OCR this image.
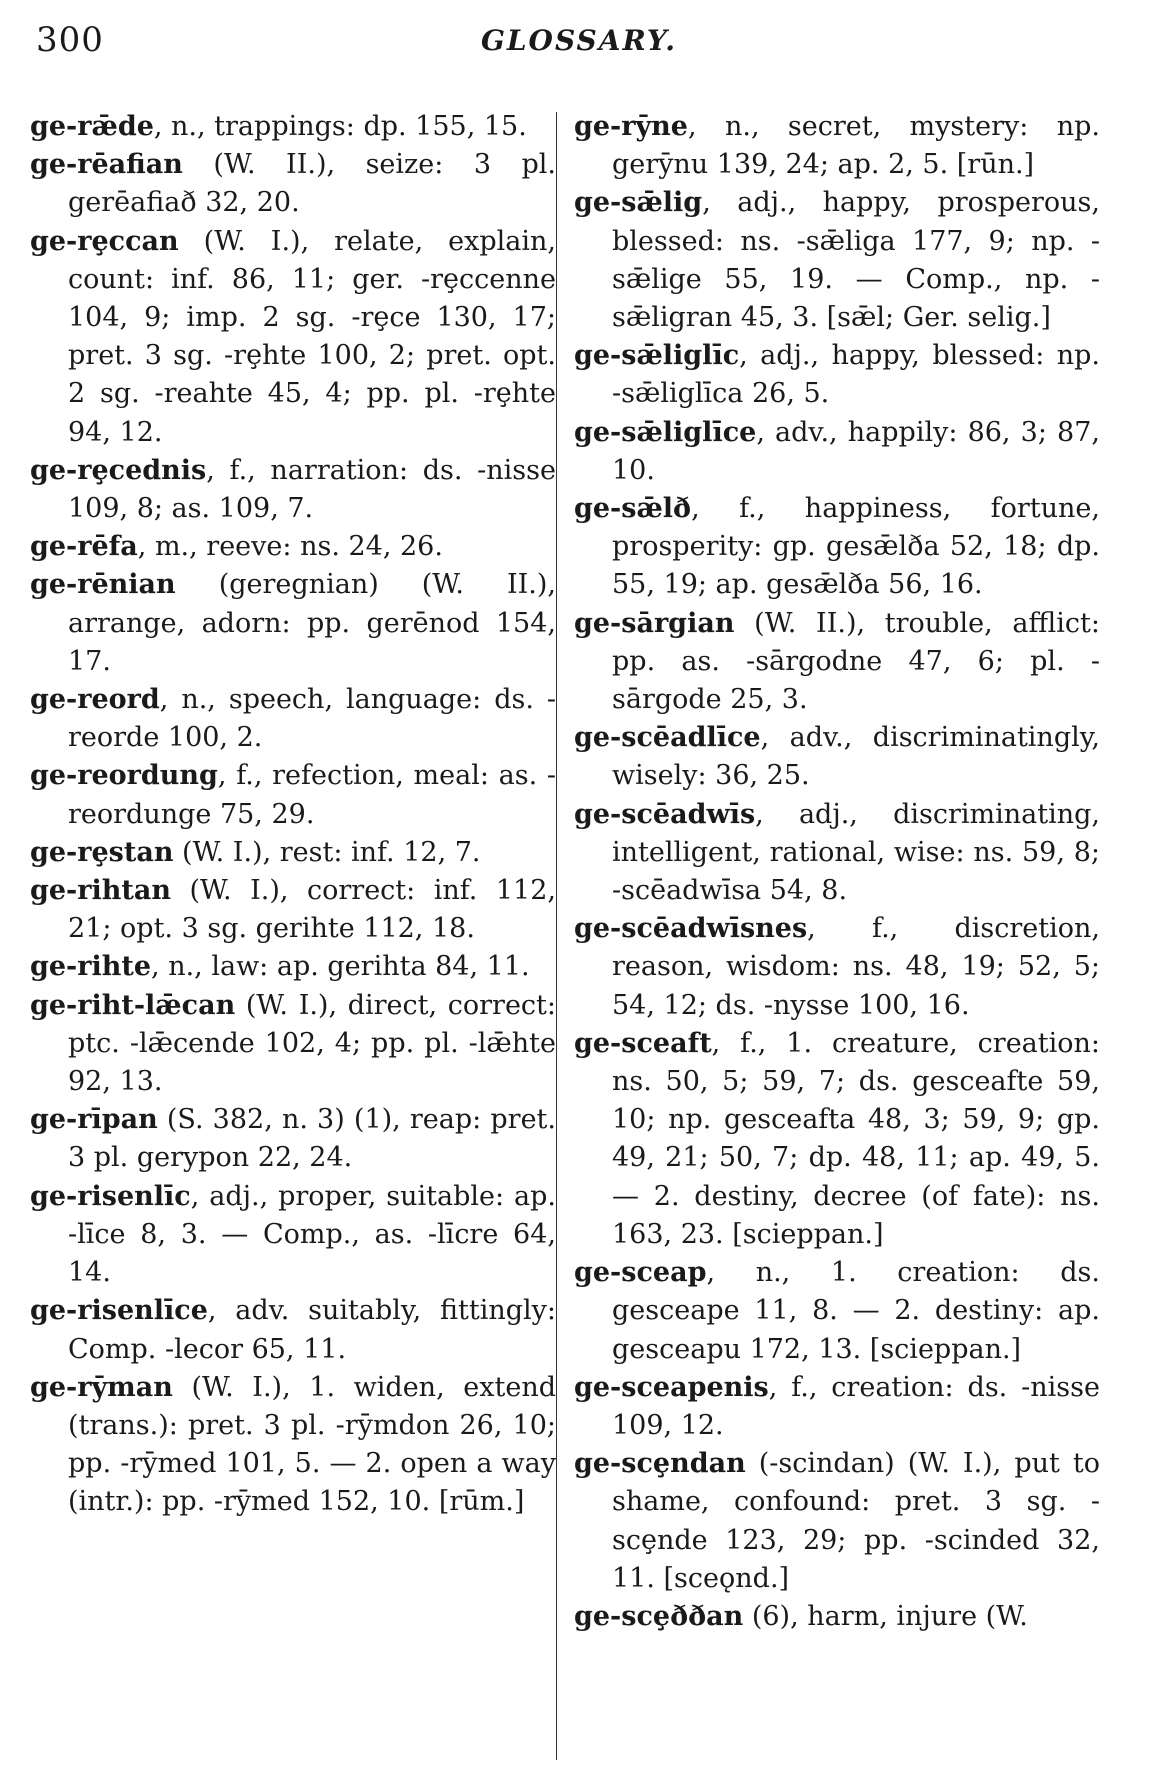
300	GLOSSARY.

ge-rǣde, n., trappings: dp. 155, 15.

ge-rēafian (W. II.), seize: 3 pl. gerēafiað 32, 20.

ge-rȩccan (W. I.), relate, explain, count: inf. 86, 11; ger. -rȩccenne 104, 9; imp. 2 sg. -rȩce 130, 17; pret. 3 sg. -rȩhte 100, 2; pret. opt. 2 sg. -reahte 45, 4; pp. pl. -rȩhte 94, 12.

ge-rȩcednis, f., narration: ds. -nisse 109, 8; as. 109, 7.

ge-rēfa, m., reeve: ns. 24, 26.

ge-rēnian (geregnian) (W. II.), arrange, adorn: pp. gerēnod 154, 17.

ge-reord, n., speech, language: ds. -reorde 100, 2.

ge-reordung, f., refection, meal: as. -reordunge 75, 29.

ge-rȩstan (W. I.), rest: inf. 12, 7.

ge-rihtan (W. I.), correct: inf. 112, 21; opt. 3 sg. gerihte 112, 18.

ge-rihte, n., law: ap. gerihta 84, 11.

ge-riht-lǣcan (W. I.), direct, correct: ptc. -lǣcende 102, 4; pp. pl. -lǣhte 92, 13.

ge-rīpan (S. 382, n. 3) (1), reap: pret. 3 pl. gerypon 22, 24.

ge-risenlīc, adj., proper, suitable: ap. -līce 8, 3. — Comp., as. -līcre 64, 14.

ge-risenlīce, adv. suitably, fittingly: Comp. -lecor 65, 11.

ge-rȳman (W. I.), 1. widen, extend (trans.): pret. 3 pl. -rȳmdon 26, 10; pp. -rȳmed 101, 5. — 2. open a way (intr.): pp. -rȳmed 152, 10. [rūm.]

ge-rȳne, n., secret, mystery: np. gerȳnu 139, 24; ap. 2, 5. [rūn.]

ge-sǣlig, adj., happy, prosperous, blessed: ns. -sǣliga 177, 9; np. -sǣlige 55, 19. — Comp., np. -sǣligran 45, 3. [sǣl; Ger. selig.]

ge-sǣliglīc, adj., happy, blessed: np. -sǣliglīca 26, 5.

ge-sǣliglīce, adv., happily: 86, 3; 87, 10.

ge-sǣlð, f., happiness, fortune, prosperity: gp. gesǣlða 52, 18; dp. 55, 19; ap. gesǣlða 56, 16.

ge-sārgian (W. II.), trouble, afflict: pp. as. -sārgodne 47, 6; pl. -sārgode 25, 3.

ge-scēadlīce, adv., discriminatingly, wisely: 36, 25.

ge-scēadwīs, adj., discriminating, intelligent, rational, wise: ns. 59, 8; -scēadwīsa 54, 8.

ge-scēadwīsnes, f., discretion, reason, wisdom: ns. 48, 19; 52, 5; 54, 12; ds. -nysse 100, 16.

ge-sceaft, f., 1. creature, creation: ns. 50, 5; 59, 7; ds. gesceafte 59, 10; np. gesceafta 48, 3; 59, 9; gp. 49, 21; 50, 7; dp. 48, 11; ap. 49, 5. — 2. destiny, decree (of fate): ns. 163, 23. [scieppan.]

ge-sceap, n., 1. creation: ds. gesceape 11, 8. — 2. destiny: ap. gesceapu 172, 13. [scieppan.]

ge-sceapenis, f., creation: ds. -nisse 109, 12.

ge-scȩndan (-scindan) (W. I.), put to shame, confound: pret. 3 sg. -scȩnde 123, 29; pp. -scinded 32, 11. [sceǫnd.]

ge-scȩððan (6), harm, injure (W.
